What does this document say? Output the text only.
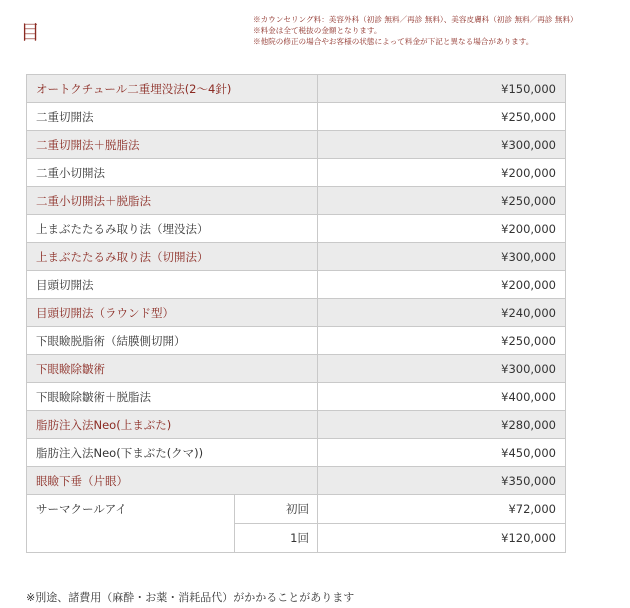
目
※カウンセリング料：美容外科（初診 無料／再診 無料）、美容皮膚科（初診 無料／再診 無料）
※料金は全て税抜の金額となります。
※他院の修正の場合やお客様の状態によって料金が下記と異なる場合があります。
オートクチュール二重埋没法(2〜4針)		¥150,000
二重切開法		¥250,000
二重切開法＋脱脂法		¥300,000
二重小切開法		¥200,000
二重小切開法＋脱脂法		¥250,000
上まぶたたるみ取り法（埋没法）		¥200,000
上まぶたたるみ取り法（切開法）		¥300,000
目頭切開法		¥200,000
目頭切開法（ラウンド型）		¥240,000
下眼瞼脱脂術（結膜側切開）		¥250,000
下眼瞼除皺術		¥300,000
下眼瞼除皺術＋脱脂法		¥400,000
脂肪注入法Neo(上まぶた)		¥280,000
脂肪注入法Neo(下まぶた(クマ))		¥450,000
眼瞼下垂（片眼）		¥350,000
サーマクールアイ	初回	¥72,000
	1回	¥120,000
※別途、諸費用（麻酔・お薬・消耗品代）がかかることがあります
